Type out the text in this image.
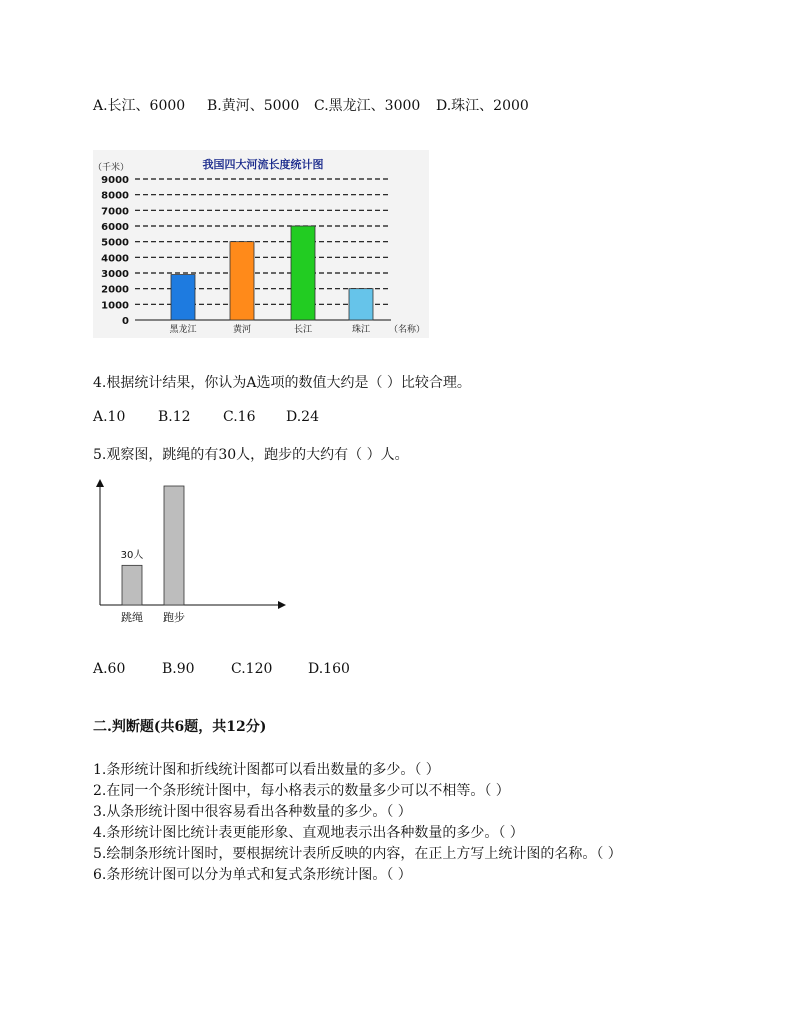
A.长江、6000 B.黄河、5000 C.黑龙江、3000 D.珠江、2000
我国四大河流长度统计图
（千米）
（名称）
0
1000
2000
3000
4000
5000
6000
7000
8000
9000
黑龙江	黄河	长江	珠江
4.根据统计结果，你认为A选项的数值大约是（ ）比较合理。
A.10 B.12 C.16 D.24
5.观察图，跳绳的有30人，跑步的大约有（ ）人。
跳绳 跑步
30人
A.60	B.90	C.120	D.160
二.判断题(共6题，共12分)
1.条形统计图和折线统计图都可以看出数量的多少。（ ）
2.在同一个条形统计图中，每小格表示的数量多少可以不相等。（ ）
3.从条形统计图中很容易看出各种数量的多少。（ ）
4.条形统计图比统计表更能形象、直观地表示出各种数量的多少。（ ）
5.绘制条形统计图时，要根据统计表所反映的内容，在正上方写上统计图的名称。（ ）
6.条形统计图可以分为单式和复式条形统计图。（ ）
